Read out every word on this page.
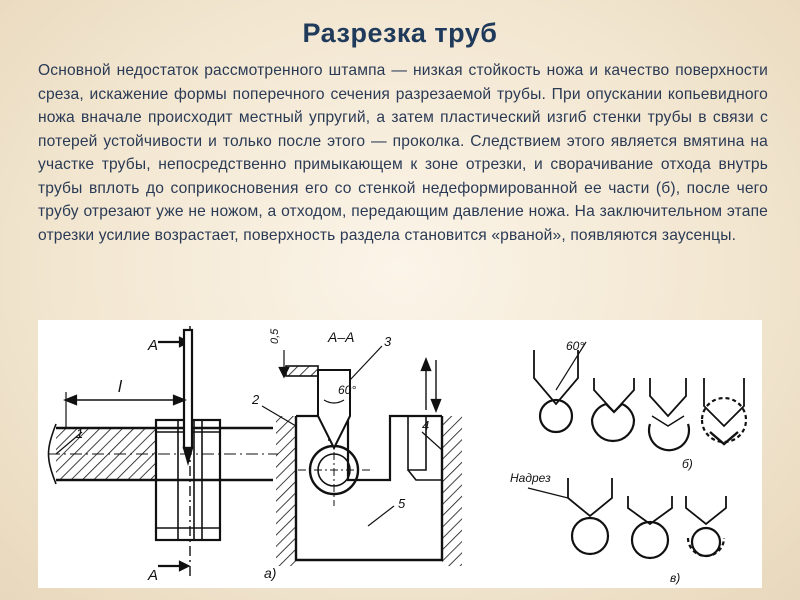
Разрезка труб
Основной недостаток рассмотренного штампа — низкая стойкость ножа и качество поверхности среза, искажение формы поперечного сечения разрезаемой трубы. При опускании копьевидного ножа вначале происходит местный упругий, а затем пластический изгиб стенки трубы в связи с потерей устойчивости и только после этого — проколка. Следствием этого является вмятина на участке трубы, непосредственно примыкающем к зоне отрезки, и сворачивание отхода внутрь трубы вплоть до соприкосновения его со стенкой недеформированной ее части (б), после чего трубу отрезают уже не ножом, а отходом, передающим давление ножа. На заключительном этапе отрезки усилие возрастает, поверхность раздела становится «рваной», появляются заусенцы.
A
A
l
1
A–A 3
60°
2
4
5
0,5
а)
60°
б)
Надрез
в)
